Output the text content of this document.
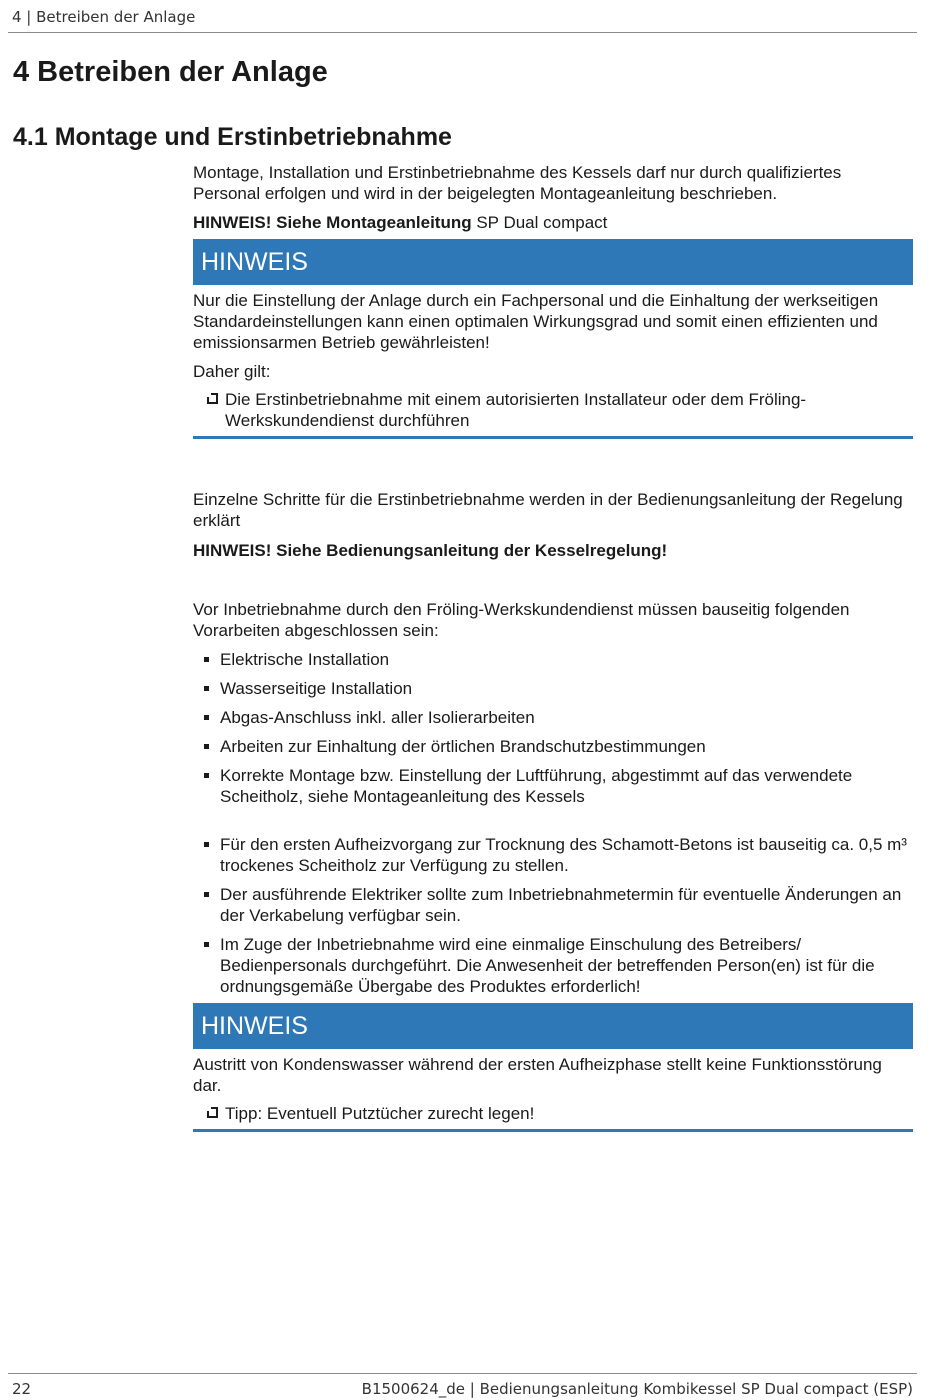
4 | Betreiben der Anlage
4 Betreiben der Anlage
4.1 Montage und Erstinbetriebnahme

Montage, Installation und Erstinbetriebnahme des Kessels darf nur durch qualifiziertes Personal erfolgen und wird in der beigelegten Montageanleitung beschrieben.

HINWEIS! Siehe Montageanleitung SP Dual compact

HINWEIS

Nur die Einstellung der Anlage durch ein Fachpersonal und die Einhaltung der werkseitigen Standardeinstellungen kann einen optimalen Wirkungsgrad und somit einen effizienten und emissionsarmen Betrieb gewährleisten!

Daher gilt:

Die Erstinbetriebnahme mit einem autorisierten Installateur oder dem Fröling-Werkskundendienst durchführen

Einzelne Schritte für die Erstinbetriebnahme werden in der Bedienungsanleitung der Regelung erklärt

HINWEIS! Siehe Bedienungsanleitung der Kesselregelung!

Vor Inbetriebnahme durch den Fröling-Werkskundendienst müssen bauseitig folgenden Vorarbeiten abgeschlossen sein:

Elektrische Installation
Wasserseitige Installation
Abgas-Anschluss inkl. aller Isolierarbeiten
Arbeiten zur Einhaltung der örtlichen Brandschutzbestimmungen
Korrekte Montage bzw. Einstellung der Luftführung, abgestimmt auf das verwendete Scheitholz, siehe Montageanleitung des Kessels
Für den ersten Aufheizvorgang zur Trocknung des Schamott-Betons ist bauseitig ca. 0,5 m³ trockenes Scheitholz zur Verfügung zu stellen.
Der ausführende Elektriker sollte zum Inbetriebnahmetermin für eventuelle Änderungen an der Verkabelung verfügbar sein.
Im Zuge der Inbetriebnahme wird eine einmalige Einschulung des Betreibers/ Bedienpersonals durchgeführt. Die Anwesenheit der betreffenden Person(en) ist für die ordnungsgemäße Übergabe des Produktes erforderlich!
HINWEIS

Austritt von Kondenswasser während der ersten Aufheizphase stellt keine Funktionsstörung dar.

Tipp: Eventuell Putztücher zurecht legen!
22	B1500624_de | Bedienungsanleitung Kombikessel SP Dual compact (ESP)
